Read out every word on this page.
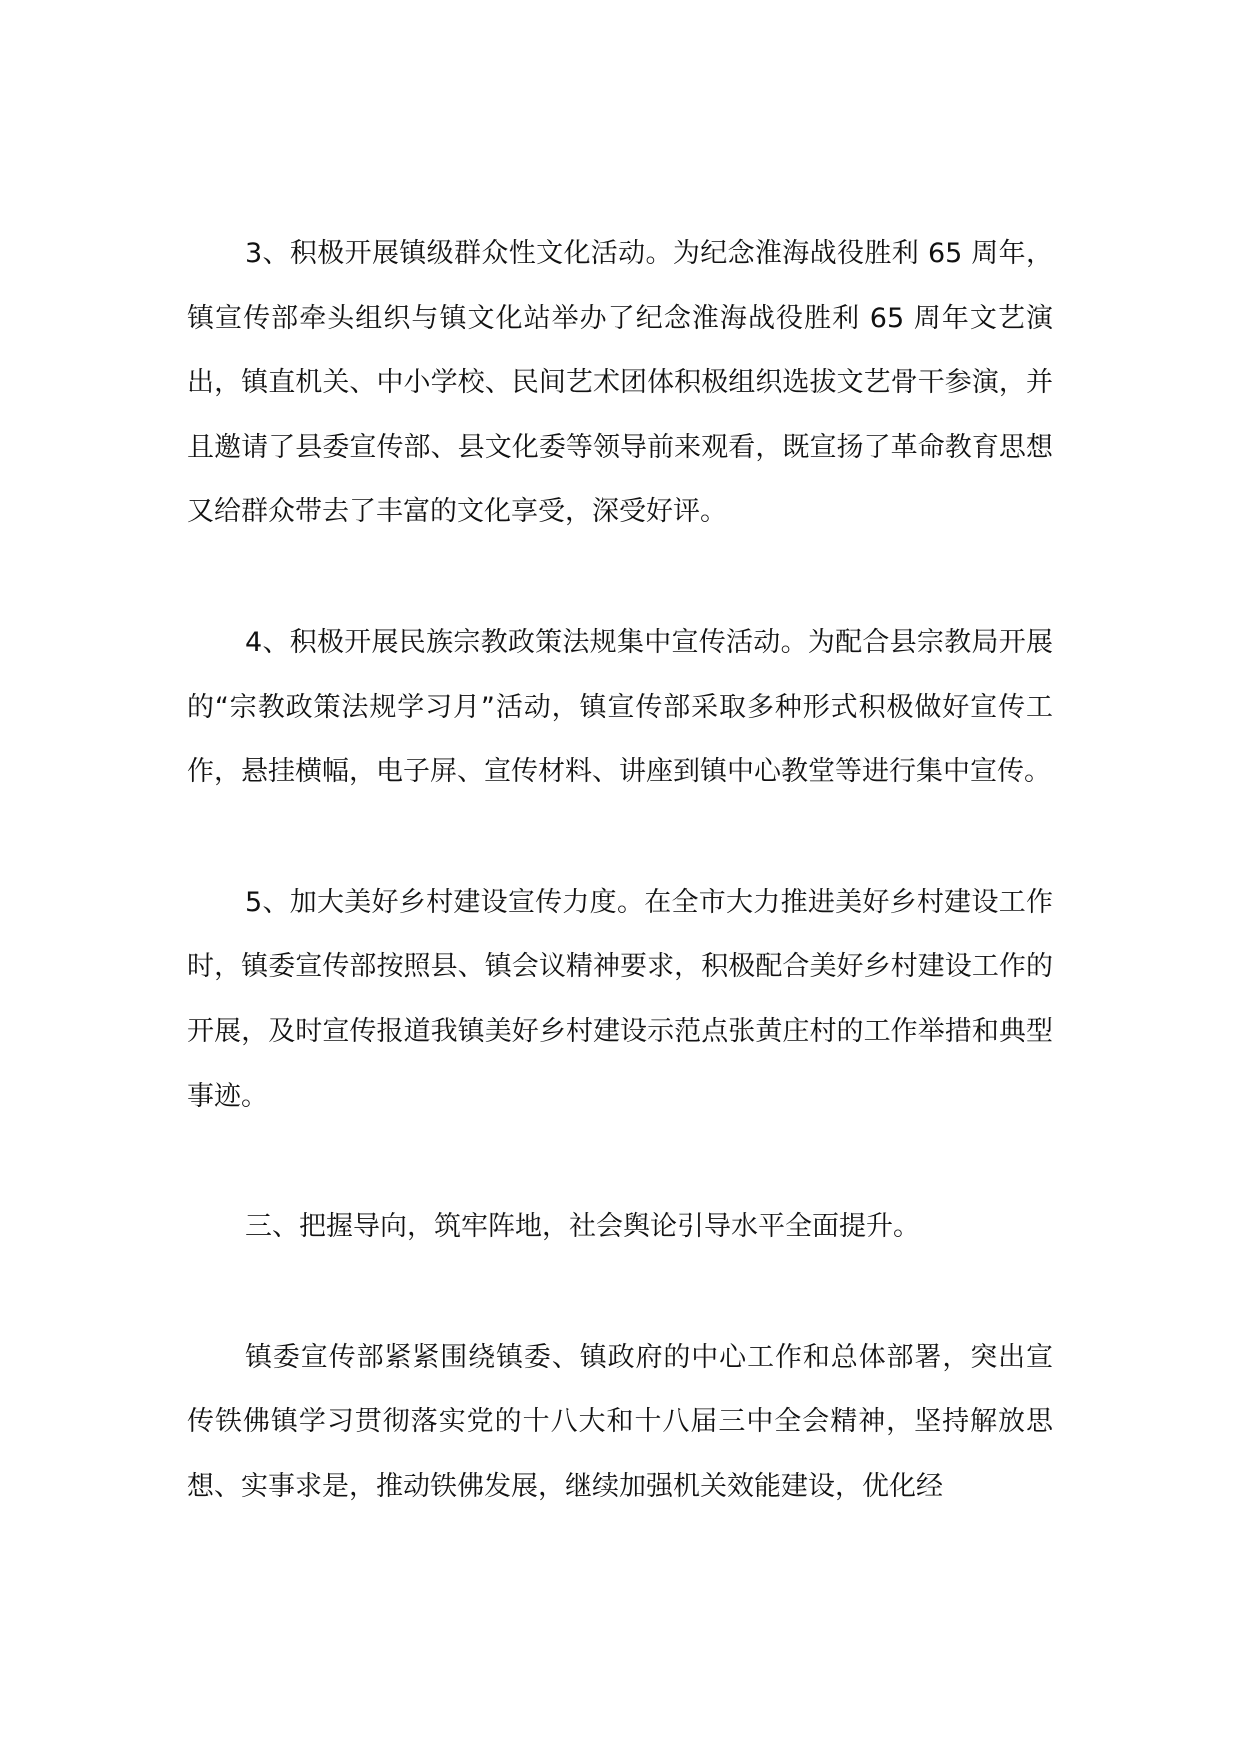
3、积极开展镇级群众性文化活动。为纪念淮海战役胜利 65 周年，镇宣传部牵头组织与镇文化站举办了纪念淮海战役胜利 65 周年文艺演出，镇直机关、中小学校、民间艺术团体积极组织选拔文艺骨干参演，并且邀请了县委宣传部、县文化委等领导前来观看，既宣扬了革命教育思想又给群众带去了丰富的文化享受，深受好评。

4、积极开展民族宗教政策法规集中宣传活动。为配合县宗教局开展的“宗教政策法规学习月”活动，镇宣传部采取多种形式积极做好宣传工作，悬挂横幅，电子屏、宣传材料、讲座到镇中心教堂等进行集中宣传。

5、加大美好乡村建设宣传力度。在全市大力推进美好乡村建设工作时，镇委宣传部按照县、镇会议精神要求，积极配合美好乡村建设工作的开展，及时宣传报道我镇美好乡村建设示范点张黄庄村的工作举措和典型事迹。

三、把握导向，筑牢阵地，社会舆论引导水平全面提升。

镇委宣传部紧紧围绕镇委、镇政府的中心工作和总体部署，突出宣传铁佛镇学习贯彻落实党的十八大和十八届三中全会精神，坚持解放思想、实事求是，推动铁佛发展，继续加强机关效能建设，优化经
